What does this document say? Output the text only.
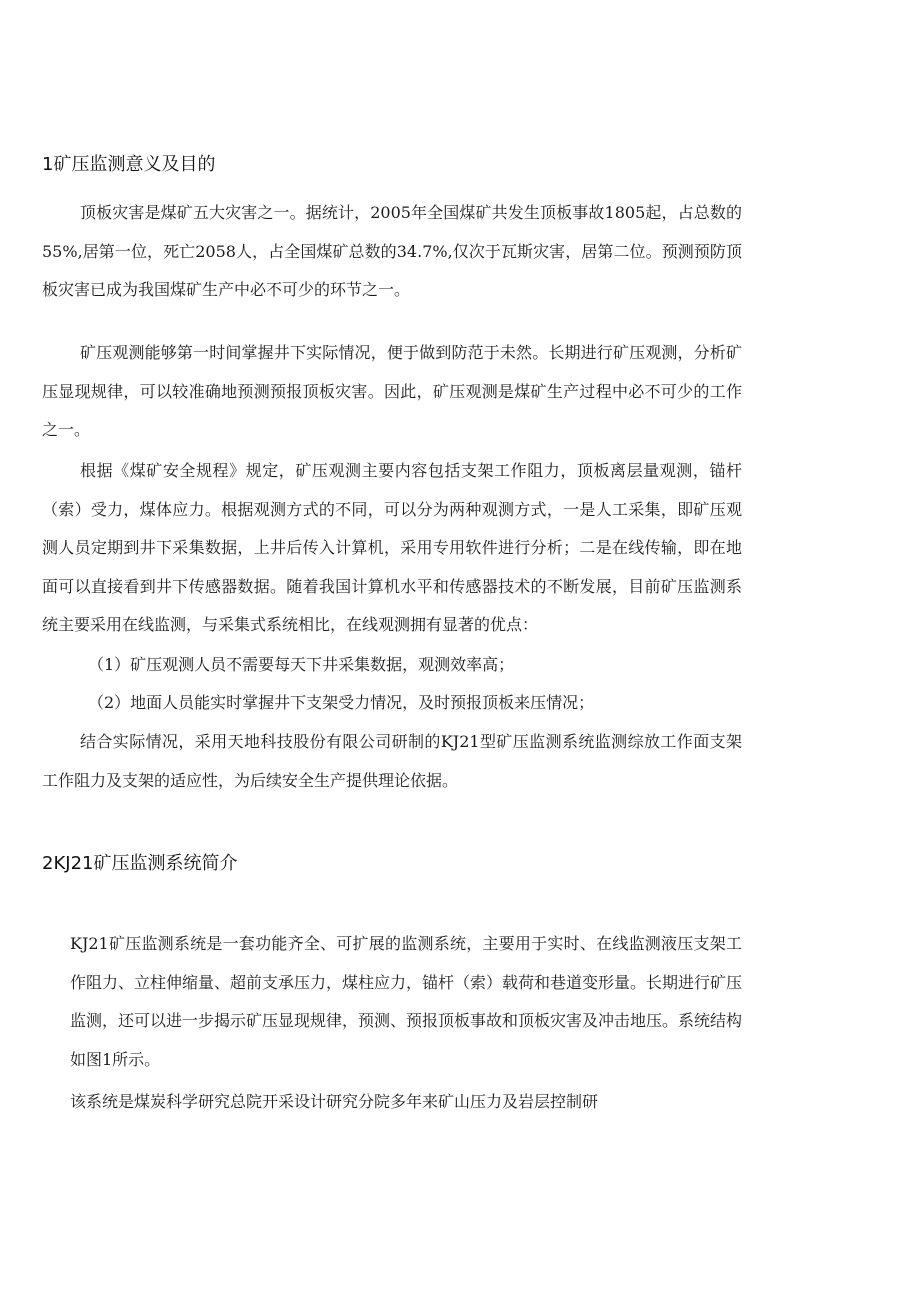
1矿压监测意义及目的

顶板灾害是煤矿五大灾害之一。据统计，2005年全国煤矿共发生顶板事故1805起，占总数的55%,居第一位，死亡2058人，占全国煤矿总数的34.7%,仅次于瓦斯灾害，居第二位。预测预防顶板灾害已成为我国煤矿生产中必不可少的环节之一。

矿压观测能够第一时间掌握井下实际情况，便于做到防范于未然。长期进行矿压观测，分析矿压显现规律，可以较准确地预测预报顶板灾害。因此，矿压观测是煤矿生产过程中必不可少的工作之一。

根据《煤矿安全规程》规定，矿压观测主要内容包括支架工作阻力，顶板离层量观测，锚杆（索）受力，煤体应力。根据观测方式的不同，可以分为两种观测方式，一是人工采集，即矿压观测人员定期到井下采集数据，上井后传入计算机，采用专用软件进行分析；二是在线传输，即在地面可以直接看到井下传感器数据。随着我国计算机水平和传感器技术的不断发展，目前矿压监测系统主要采用在线监测，与采集式系统相比，在线观测拥有显著的优点：

（1）矿压观测人员不需要每天下井采集数据，观测效率高；

（2）地面人员能实时掌握井下支架受力情况，及时预报顶板来压情况；

结合实际情况，采用天地科技股份有限公司研制的KJ21型矿压监测系统监测综放工作面支架工作阻力及支架的适应性，为后续安全生产提供理论依据。

2KJ21矿压监测系统简介

KJ21矿压监测系统是一套功能齐全、可扩展的监测系统，主要用于实时、在线监测液压支架工作阻力、立柱伸缩量、超前支承压力，煤柱应力，锚杆（索）载荷和巷道变形量。长期进行矿压监测，还可以进一步揭示矿压显现规律，预测、预报顶板事故和顶板灾害及冲击地压。系统结构如图1所示。

该系统是煤炭科学研究总院开采设计研究分院多年来矿山压力及岩层控制研
